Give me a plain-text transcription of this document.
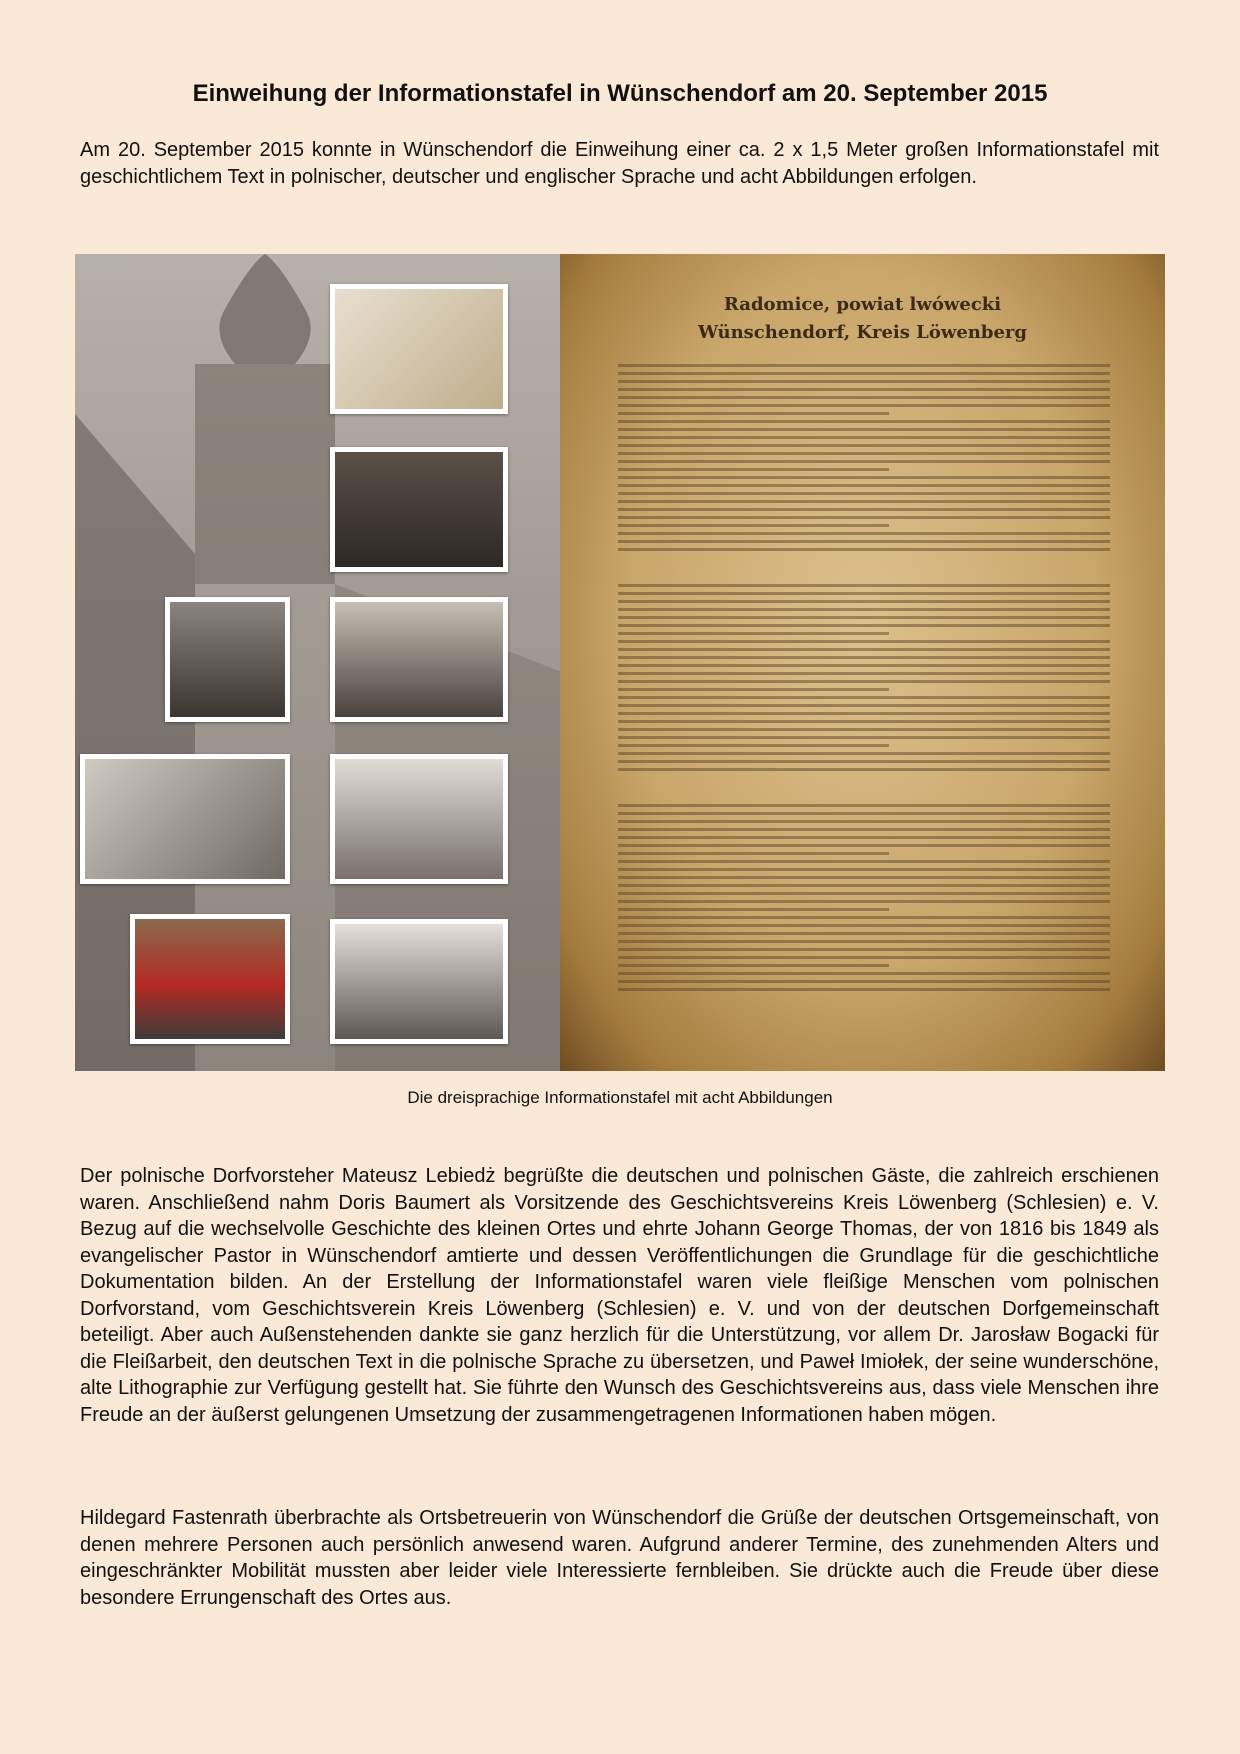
Einweihung der Informationstafel in Wünschendorf am 20. September 2015

Am 20. September 2015 konnte in Wünschendorf die Einweihung einer ca. 2 x 1,5 Meter großen Informationstafel mit geschichtlichem Text in polnischer, deutscher und englischer Sprache und acht Abbildungen erfolgen.

Radomice, powiat lwówecki

Wünschendorf, Kreis Löwenberg

Die dreisprachige Informationstafel mit acht Abbildungen

Der polnische Dorfvorsteher Mateusz Lebiedż begrüßte die deutschen und polnischen Gäste, die zahlreich erschienen waren. Anschließend nahm Doris Baumert als Vorsitzende des Geschichtsvereins Kreis Löwenberg (Schlesien) e. V. Bezug auf die wechselvolle Geschichte des kleinen Ortes und ehrte Johann George Thomas, der von 1816 bis 1849 als evangelischer Pastor in Wünschendorf amtierte und dessen Veröffentlichungen die Grundlage für die geschichtliche Dokumentation bilden. An der Erstellung der Informationstafel waren viele fleißige Menschen vom polnischen Dorfvorstand, vom Geschichtsverein Kreis Löwenberg (Schlesien) e. V. und von der deutschen Dorfgemeinschaft beteiligt. Aber auch Außenstehenden dankte sie ganz herzlich für die Unterstützung, vor allem Dr. Jarosław Bogacki für die Fleißarbeit, den deutschen Text in die polnische Sprache zu übersetzen, und Paweł Imiołek, der seine wunderschöne, alte Lithographie zur Verfügung gestellt hat. Sie führte den Wunsch des Geschichtsvereins aus, dass viele Menschen ihre Freude an der äußerst gelungenen Umsetzung der zusammengetragenen Informationen haben mögen.

Hildegard Fastenrath überbrachte als Ortsbetreuerin von Wünschendorf die Grüße der deutschen Ortsgemeinschaft, von denen mehrere Personen auch persönlich anwesend waren. Aufgrund anderer Termine, des zunehmenden Alters und eingeschränkter Mobilität mussten aber leider viele Interessierte fernbleiben. Sie drückte auch die Freude über diese besondere Errungenschaft des Ortes aus.
